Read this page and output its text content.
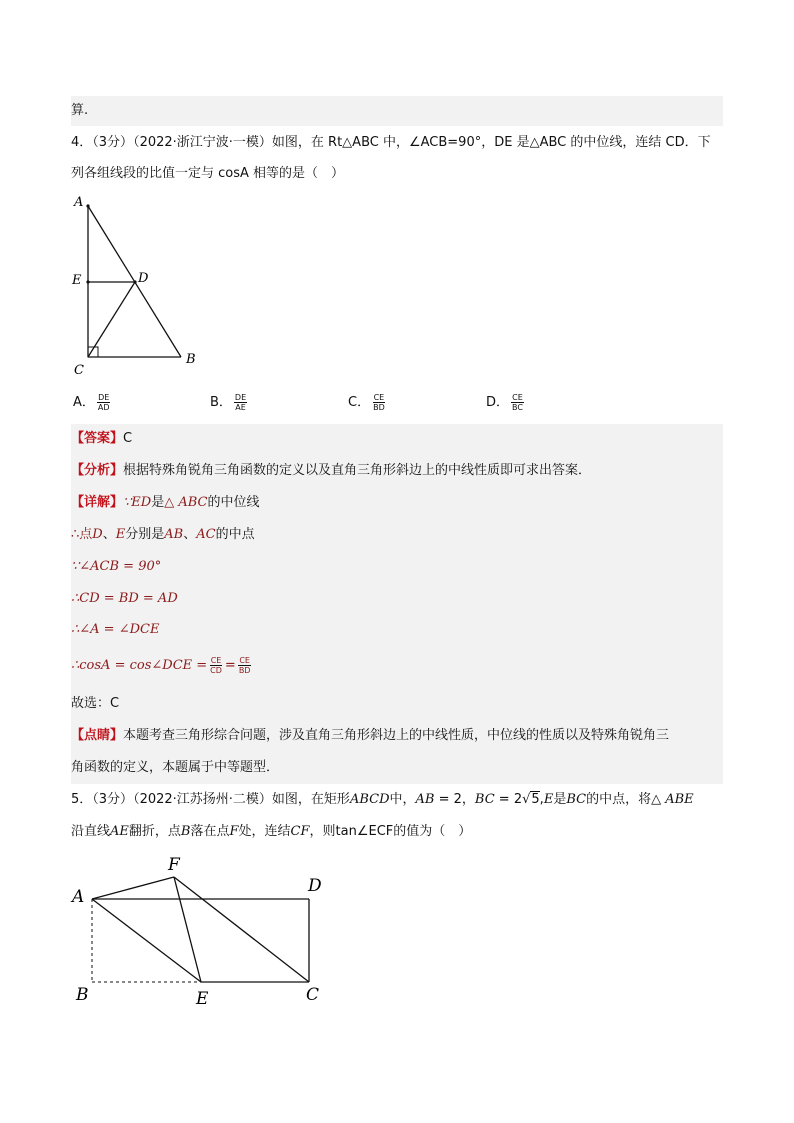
算.
4．（3分）（2022·浙江宁波·一模）如图，在 Rt△ABC 中，∠ACB=90°，DE 是△ABC 的中位线，连结 CD．下
列各组线段的比值一定与 cosA 相等的是（　）
A
E	D
C
B
A． $\frac{DE}{AD}$	B． $\frac{DE}{AE}$	C． $\frac{CE}{BD}$	D． $\frac{CE}{BC}$
【答案】C
【分析】根据特殊角锐角三角函数的定义以及直角三角形斜边上的中线性质即可求出答案．
【详解】∵ED是△ ABC的中位线
∴点D、E分别是AB、AC的中点
∵∠ACB = 90°
∴CD = BD = AD
∴∠A = ∠DCE
∴cosA = cos∠DCE = $\frac{CE}{CD} = \frac{CE}{BD}$
故选：C
【点睛】本题考查三角形综合问题，涉及直角三角形斜边上的中线性质，中位线的性质以及特殊角锐角三
角函数的定义，本题属于中等题型．
5．（3分）（2022·江苏扬州·二模）如图，在矩形ABCD中，AB = 2，BC = 2√5,E是BC的中点，将△ ABE
沿直线AE翻折，点B落在点F处，连结CF，则tan∠ECF的值为（　）
A
F
D
B	E	C
